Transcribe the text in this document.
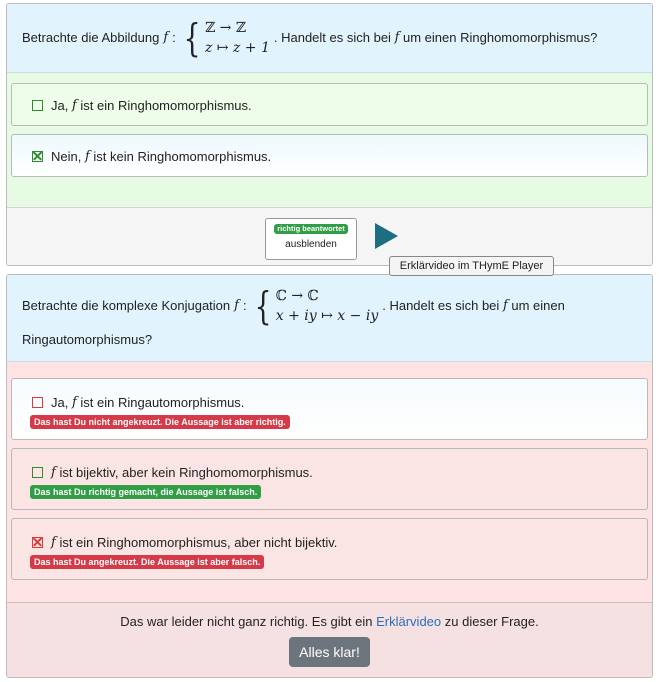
Betrachte die Abbildung f : { ℤ → ℤ
z ↦ z + 1
. Handelt es sich bei
f
um einen Ringhomomorphismus?
Ja,
f
ist ein Ringhomomorphismus.
Nein,
f
ist kein Ringhomomorphismus.
richtig beantwortet
ausblenden
Erklärvideo im THymE Player
Betrachte die komplexe Konjugation f : { ℂ → ℂ
x + iy ↦ x − iy
. Handelt es sich bei
f
um einen
Ringautomorphismus?
Ja,
f
ist ein Ringautomorphismus.
Das hast Du nicht angekreuzt. Die Aussage ist aber richtig.
f
ist bijektiv, aber kein Ringhomomorphismus.
Das hast Du richtig gemacht, die Aussage ist falsch.
f
ist ein Ringhomomorphismus, aber nicht bijektiv.
Das hast Du angekreuzt. Die Aussage ist aber falsch.
Das war leider nicht ganz richtig. Es gibt ein Erklärvideo zu dieser Frage.
Alles klar!
